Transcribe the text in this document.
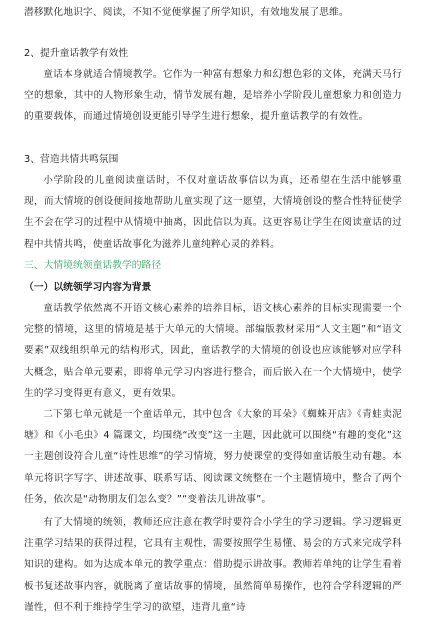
潜移默化地识字、阅读，不知不觉便掌握了所学知识，有效地发展了思维。

2、提升童话教学有效性

童话本身就适合情境教学。它作为一种富有想象力和幻想色彩的文体，充满天马行空的想象，其中的人物形象生动，情节发展有趣，是培养小学阶段儿童想象力和创造力的重要载体，而通过情境创设更能引导学生进行想象，提升童话教学的有效性。

3、营造共情共鸣氛围

小学阶段的儿童阅读童话时，不仅对童话故事信以为真，还希望在生活中能够重现，而大情境的创设便间接地帮助儿童实现了这一愿望，大情境创设的整合性特征使学生不会在学习的过程中从情境中抽离，因此信以为真。这更容易让学生在阅读童话的过程中共情共鸣，使童话故事化为滋养儿童纯粹心灵的养料。

三、大情境统领童话教学的路径

（一）以统领学习内容为背景

童话教学依然离不开语文核心素养的培养目标，语文核心素养的目标实现需要一个完整的情境，这里的情境是基于大单元的大情境。部编版教材采用“人文主题”和“语文要素”双线组织单元的结构形式，因此，童话教学的大情境的创设也应该能够对应学科大概念，贴合单元要素，即将单元学习内容进行整合，而后嵌入在一个大情境中，使学生的学习变得更有意义，更有效果。

二下第七单元就是一个童话单元，其中包含《大象的耳朵》《蜘蛛开店》《青蛙卖泥塘》和《小毛虫》4 篇课文，均围绕“改变”这一主题，因此就可以围绕“有趣的变化”这一主题创设符合儿童“诗性思维”的学习情境，努力使课堂的变得如童话般生动有趣。本单元将识字写字、讲述故事、联系写话、阅读课文统整在一个主题情境中，整合了两个任务，依次是“动物朋友们怎么变？”“变着法儿讲故事”。

有了大情境的统领，教师还应注意在教学时要符合小学生的学习逻辑。学习逻辑更注重学习结果的获得过程，它具有主观性，需要按照学生易懂、易会的方式来完成学科知识的建构。如为达成本单元的教学重点：借助提示讲故事。教师若单纯的让学生看着板书复述故事内容，就脱离了童话故事的情境，虽然简单易操作，也符合学科逻辑的严谨性，但不利于维持学生学习的欲望，违背儿童“诗
